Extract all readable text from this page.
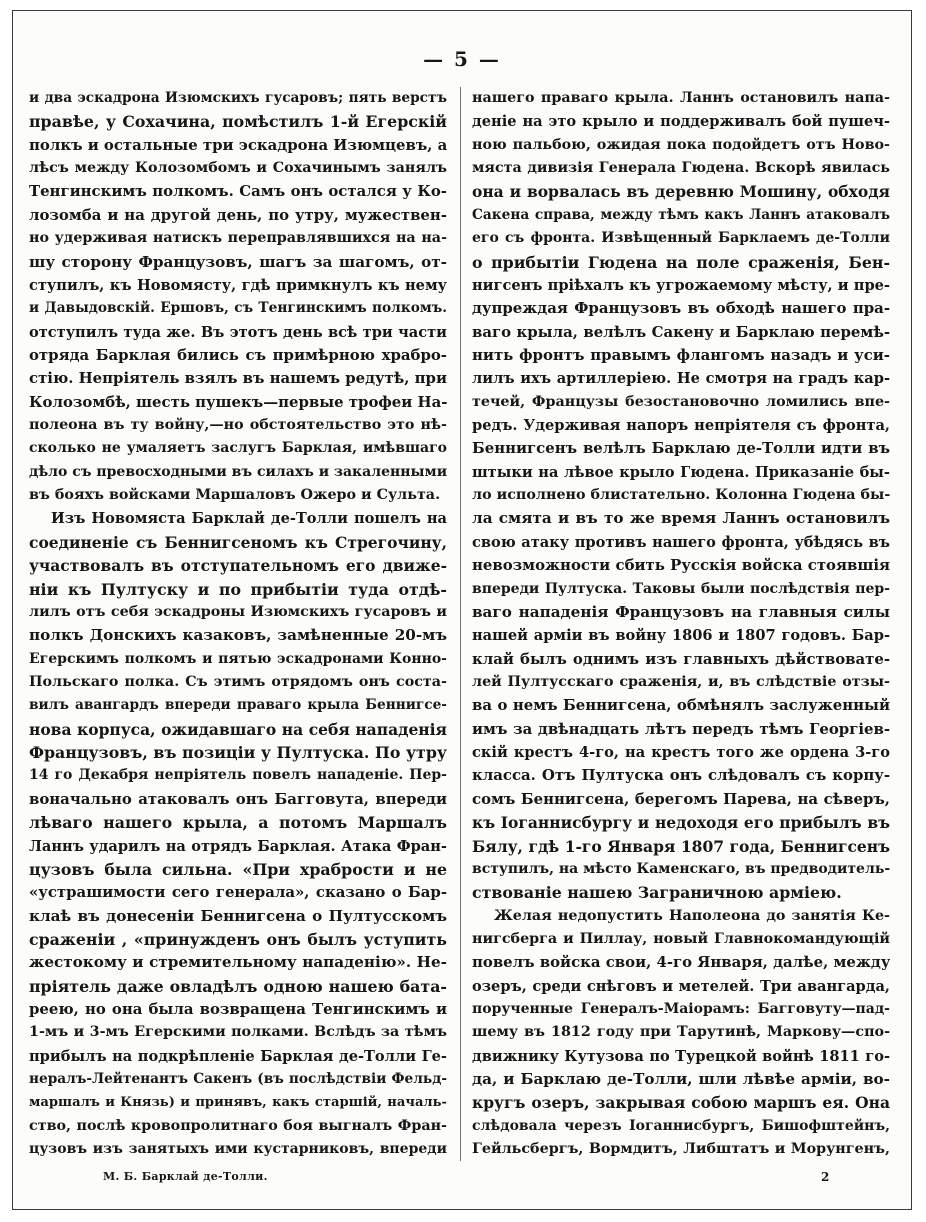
— 5 —
и два эскадрона Изюмскихъ гусаровъ; пять верстъ
правѣе, у Сохачина, помѣстилъ 1-й Егерскій
полкъ и остальные три эскадрона Изюмцевъ, а
лѣсъ между Колозомбомъ и Сохачинымъ занялъ
Тенгинскимъ полкомъ. Самъ онъ остался у Ко-
лозомба и на другой день, по утру, мужествен-
но удерживая натискъ переправлявшихся на на-
шу сторону Французовъ, шагъ за шагомъ, от-
ступилъ, къ Новомясту, гдѣ примкнулъ къ нему
и Давыдовскій. Ершовъ, съ Тенгинскимъ полкомъ.
отступилъ туда же. Въ этотъ день всѣ три части
отряда Барклая бились съ примѣрною храбро-
стію. Непріятель взялъ въ нашемъ редутѣ, при
Колозомбѣ, шесть пушекъ—первые трофеи На-
полеона въ ту войну,—но обстоятельство это нѣ-
сколько не умаляетъ заслугъ Барклая, имѣвшаго
дѣло съ превосходными въ силахъ и закаленными
въ бояхъ войсками Маршаловъ Ожеро и Сульта.
Изъ Новомяста Барклай де-Толли пошелъ на
соединеніе съ Беннигсеномъ къ Стрегочину,
участвовалъ въ отступательномъ его движе-
ніи къ Пултуску и по прибытіи туда отдѣ-
лилъ отъ себя эскадроны Изюмскихъ гусаровъ и
полкъ Донскихъ казаковъ, замѣненные 20-мъ
Егерскимъ полкомъ и пятью эскадронами Конно-
Польскаго полка. Съ этимъ отрядомъ онъ соста-
вилъ авангардъ впереди праваго крыла Беннигсе-
нова корпуса, ожидавшаго на себя нападенія
Французовъ, въ позиціи у Пултуска. По утру
14 го Декабря непріятель повелъ нападеніе. Пер-
воначально атаковалъ онъ Багговута, впереди
лѣваго нашего крыла, а потомъ Маршалъ
Ланнъ ударилъ на отрядъ Барклая. Атака Фран-
цузовъ была сильна. «При храбрости и не
«устрашимости сего генерала», сказано о Бар-
клаѣ въ донесеніи Беннигсена о Пултусскомъ
сраженіи , «принужденъ онъ былъ уступить
жестокому и стремительному нападенію». Не-
пріятель даже овладѣлъ одною нашею бата-
реею, но она была возвращена Тенгинскимъ и
1-мъ и 3-мъ Егерскими полками. Вслѣдъ за тѣмъ
прибылъ на подкрѣпленіе Барклая де-Толли Ге-
нералъ-Лейтенантъ Сакенъ (въ послѣдствіи Фельд-
маршалъ и Князь) и принявъ, какъ старшій, началь-
ство, послѣ кровопролитнаго боя выгналъ Фран-
цузовъ изъ занятыхъ ими кустарниковъ, впереди
нашего праваго крыла. Ланнъ остановилъ напа-
деніе на это крыло и поддерживалъ бой пушеч-
ною пальбою, ожидая пока подойдетъ отъ Ново-
мяста дивизія Генерала Гюдена. Вскорѣ явилась
она и ворвалась въ деревню Мошину, обходя
Сакена справа, между тѣмъ какъ Ланнъ атаковалъ
его съ фронта. Извѣщенный Барклаемъ де-Толли
о прибытіи Гюдена на поле сраженія, Бен-
нигсенъ пріѣхалъ къ угрожаемому мѣсту, и пре-
дупреждая Французовъ въ обходѣ нашего пра-
ваго крыла, велѣлъ Сакену и Барклаю перемѣ-
нить фронтъ правымъ флангомъ назадъ и уси-
лилъ ихъ артиллеріею. Не смотря на градъ кар-
течей, Французы безостановочно ломились впе-
редъ. Удерживая напоръ непріятеля съ фронта,
Беннигсенъ велѣлъ Барклаю де-Толли идти въ
штыки на лѣвое крыло Гюдена. Приказаніе бы-
ло исполнено блистательно. Колонна Гюдена бы-
ла смята и въ то же время Ланнъ остановилъ
свою атаку противъ нашего фронта, убѣдясь въ
невозможности сбить Русскія войска стоявшія
впереди Пултуска. Таковы были послѣдствія пер-
ваго нападенія Французовъ на главныя силы
нашей арміи въ войну 1806 и 1807 годовъ. Бар-
клай былъ однимъ изъ главныхъ дѣйствовате-
лей Пултусскаго сраженія, и, въ слѣдствіе отзы-
ва о немъ Беннигсена, обмѣнялъ заслуженный
имъ за двѣнадцать лѣтъ передъ тѣмъ Георгіев-
скій крестъ 4-го, на крестъ того же ордена 3-го
класса. Отъ Пултуска онъ слѣдовалъ съ корпу-
сомъ Беннигсена, берегомъ Парева, на сѣверъ,
къ Іоганнисбургу и недоходя его прибылъ въ
Бялу, гдѣ 1-го Января 1807 года, Беннигсенъ
вступилъ, на мѣсто Каменскаго, въ предводитель-
ствованіе нашею Заграничною арміею.
Желая недопустить Наполеона до занятія Ке-
нигсберга и Пиллау, новый Главнокомандующій
повелъ войска свои, 4-го Января, далѣе, между
озеръ, среди снѣговъ и метелей. Три авангарда,
порученные Генералъ-Маіорамъ: Багговуту—пад-
шему въ 1812 году при Тарутинѣ, Маркову—спо-
движнику Кутузова по Турецкой войнѣ 1811 го-
да, и Барклаю де-Толли, шли лѣвѣе арміи, во-
кругъ озеръ, закрывая собою маршъ ея. Она
слѣдовала черезъ Іоганнисбургъ, Бишофштейнъ,
Гейльсбергъ, Вормдитъ, Либштатъ и Морунгенъ,
М. Б. Барклай де-Толли.	2
